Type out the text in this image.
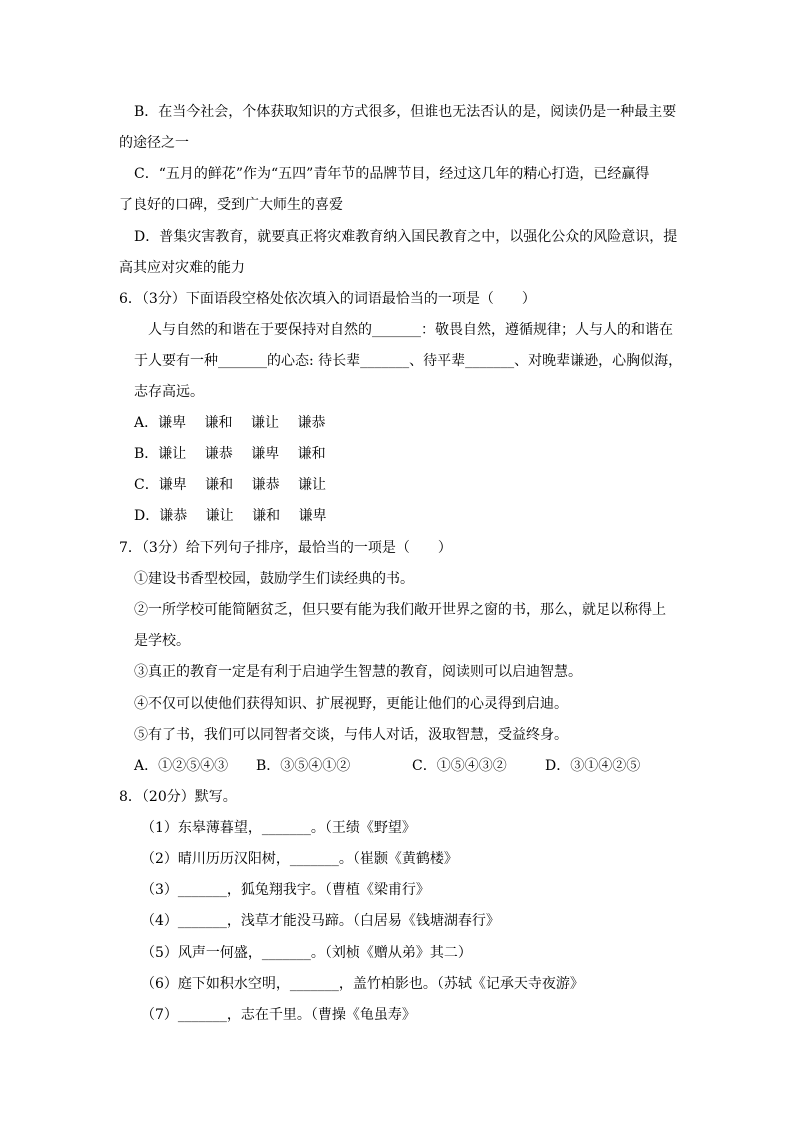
B．在当今社会，个体获取知识的方式很多，但谁也无法否认的是，阅读仍是一种最主要
的途径之一
C．“五月的鲜花”作为“五四”青年节的品牌节目，经过这几年的精心打造，已经赢得
了良好的口碑，受到广大师生的喜爱
D．普集灾害教育，就要真正将灾难教育纳入国民教育之中，以强化公众的风险意识，提
高其应对灾难的能力
6．（3分）下面语段空格处依次填入的词语最恰当的一项是（　　）
人与自然的和谐在于要保持对自然的_______：敬畏自然，遵循规律；人与人的和谐在
于人要有一种_______的心态: 待长辈_______、待平辈_______、对晚辈谦逊，心胸似海，
志存高远。
A．谦卑　 谦和　 谦让　 谦恭
B．谦让　 谦恭　 谦卑　 谦和
C．谦卑　 谦和　 谦恭　 谦让
D．谦恭　 谦让　 谦和　 谦卑
7．（3分）给下列句子排序，最恰当的一项是（　　）
①建设书香型校园，鼓励学生们读经典的书。
②一所学校可能简陋贫乏，但只要有能为我们敞开世界之窗的书，那么，就足以称得上
是学校。
③真正的教育一定是有利于启迪学生智慧的教育，阅读则可以启迪智慧。
④不仅可以使他们获得知识、扩展视野，更能让他们的心灵得到启迪。
⑤有了书，我们可以同智者交谈，与伟人对话，汲取智慧，受益终身。
A．①②⑤④③ B．③⑤④①②	C．①⑤④③②	D．③①④②⑤
8．（20分）默写。
（1）东皋薄暮望，_______。（王绩《野望》
（2）晴川历历汉阳树，_______。（崔颢《黄鹤楼》
（3）_______，狐兔翔我宇。（曹植《梁甫行》
（4）_______，浅草才能没马蹄。（白居易《钱塘湖春行》
（5）风声一何盛，_______。（刘桢《赠从弟》其二）
（6）庭下如积水空明，_______，盖竹柏影也。（苏轼《记承天寺夜游》
（7）_______，志在千里。（曹操《龟虽寿》
